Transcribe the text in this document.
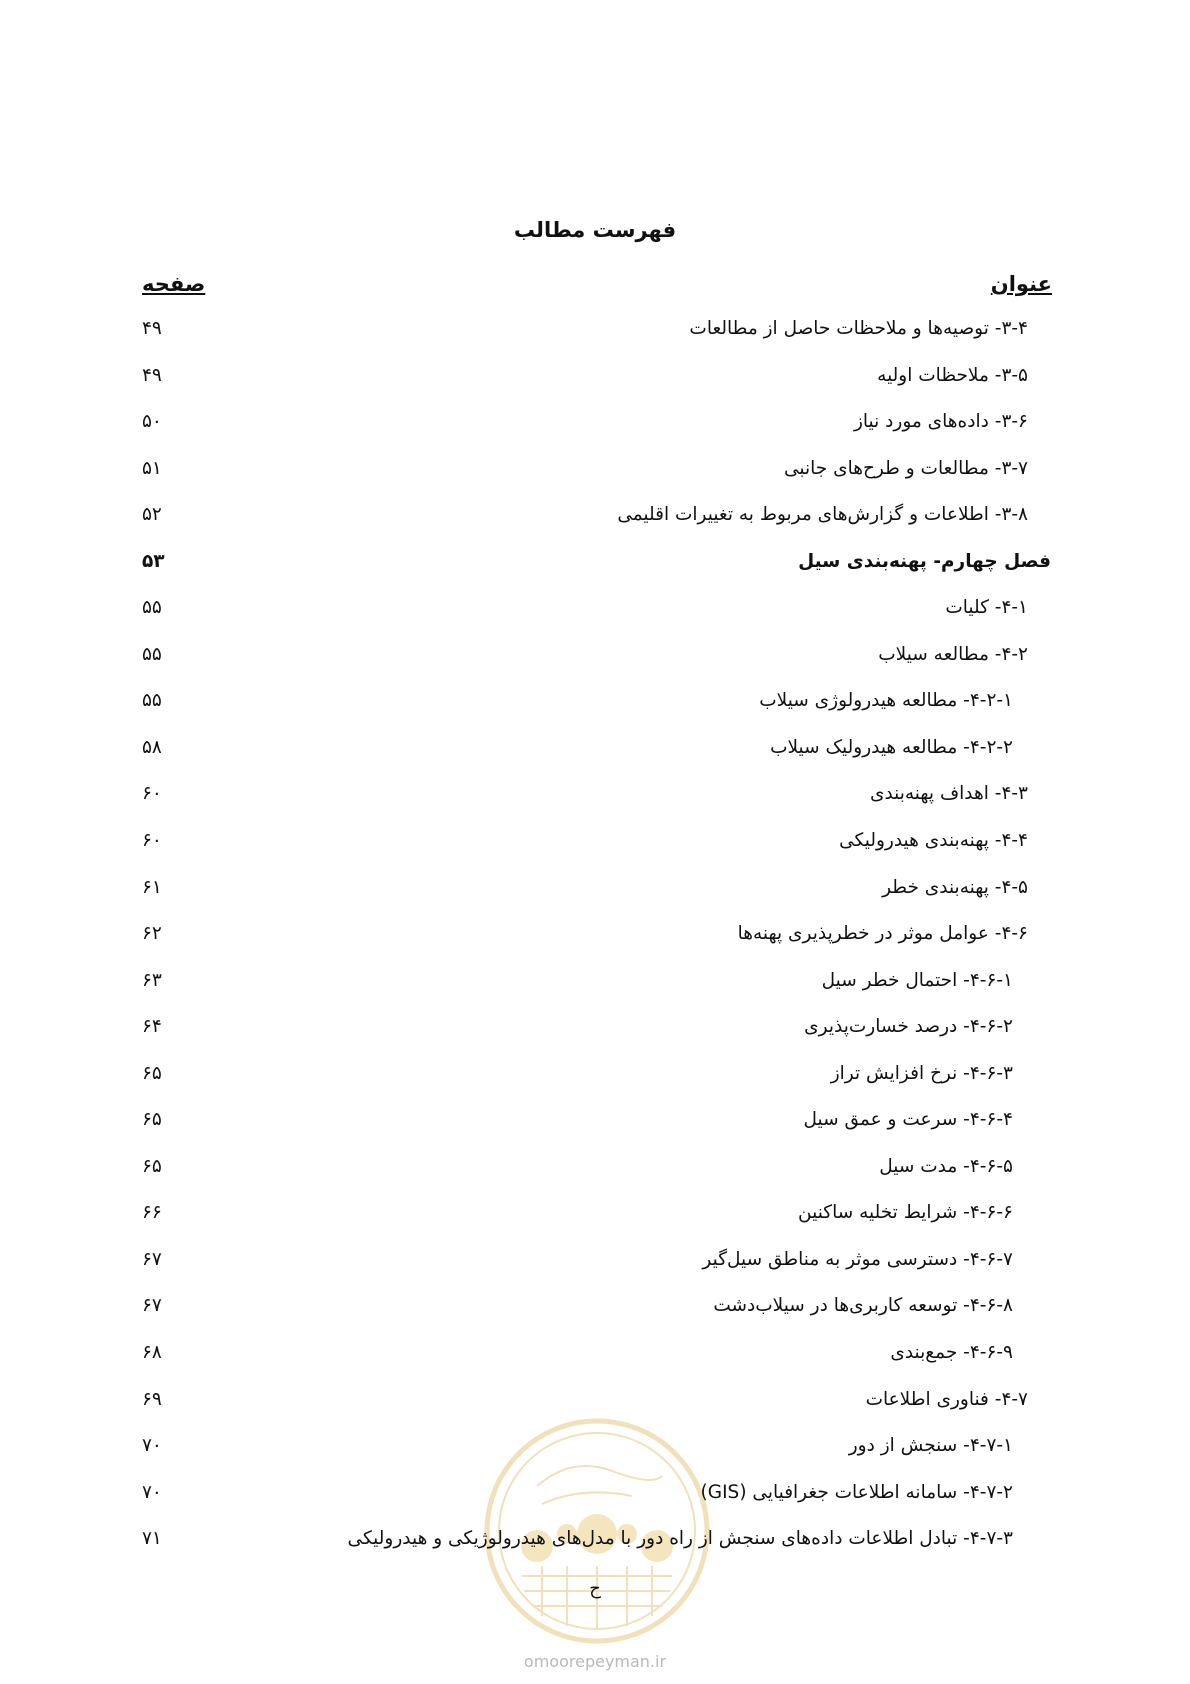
فهرست مطالب
عنوان
صفحه
۳-۴- توصیه‌ها و ملاحظات حاصل از مطالعات
۴۹
۳-۵- ملاحظات اولیه
۴۹
۳-۶- داده‌های مورد نیاز
۵۰
۳-۷- مطالعات و طرح‌های جانبی
۵۱
۳-۸- اطلاعات و گزارش‌های مربوط به تغییرات اقلیمی
۵۲
فصل چهارم- پهنه‌بندی سیل
۵۳
۴-۱- کلیات
۵۵
۴-۲- مطالعه سیلاب
۵۵
۴-۲-۱- مطالعه هیدرولوژی سیلاب
۵۵
۴-۲-۲- مطالعه هیدرولیک سیلاب
۵۸
۴-۳- اهداف پهنه‌بندی
۶۰
۴-۴- پهنه‌بندی هیدرولیکی
۶۰
۴-۵- پهنه‌بندی خطر
۶۱
۴-۶- عوامل موثر در خطرپذیری پهنه‌ها
۶۲
۴-۶-۱- احتمال خطر سیل
۶۳
۴-۶-۲- درصد خسارت‌پذیری
۶۴
۴-۶-۳- نرخ افزایش تراز
۶۵
۴-۶-۴- سرعت و عمق سیل
۶۵
۴-۶-۵- مدت سیل
۶۵
۴-۶-۶- شرایط تخلیه ساکنین
۶۶
۴-۶-۷- دسترسی موثر به مناطق سیل‌گیر
۶۷
۴-۶-۸- توسعه کاربری‌ها در سیلاب‌دشت
۶۷
۴-۶-۹- جمع‌بندی
۶۸
۴-۷- فناوری اطلاعات
۶۹
۴-۷-۱- سنجش از دور
۷۰
۴-۷-۲- سامانه اطلاعات جغرافیایی (GIS)
۷۰
۴-۷-۳- تبادل اطلاعات داده‌های سنجش از راه دور با مدل‌های هیدرولوژیکی و هیدرولیکی
۷۱
ح
omoorepeyman.ir
